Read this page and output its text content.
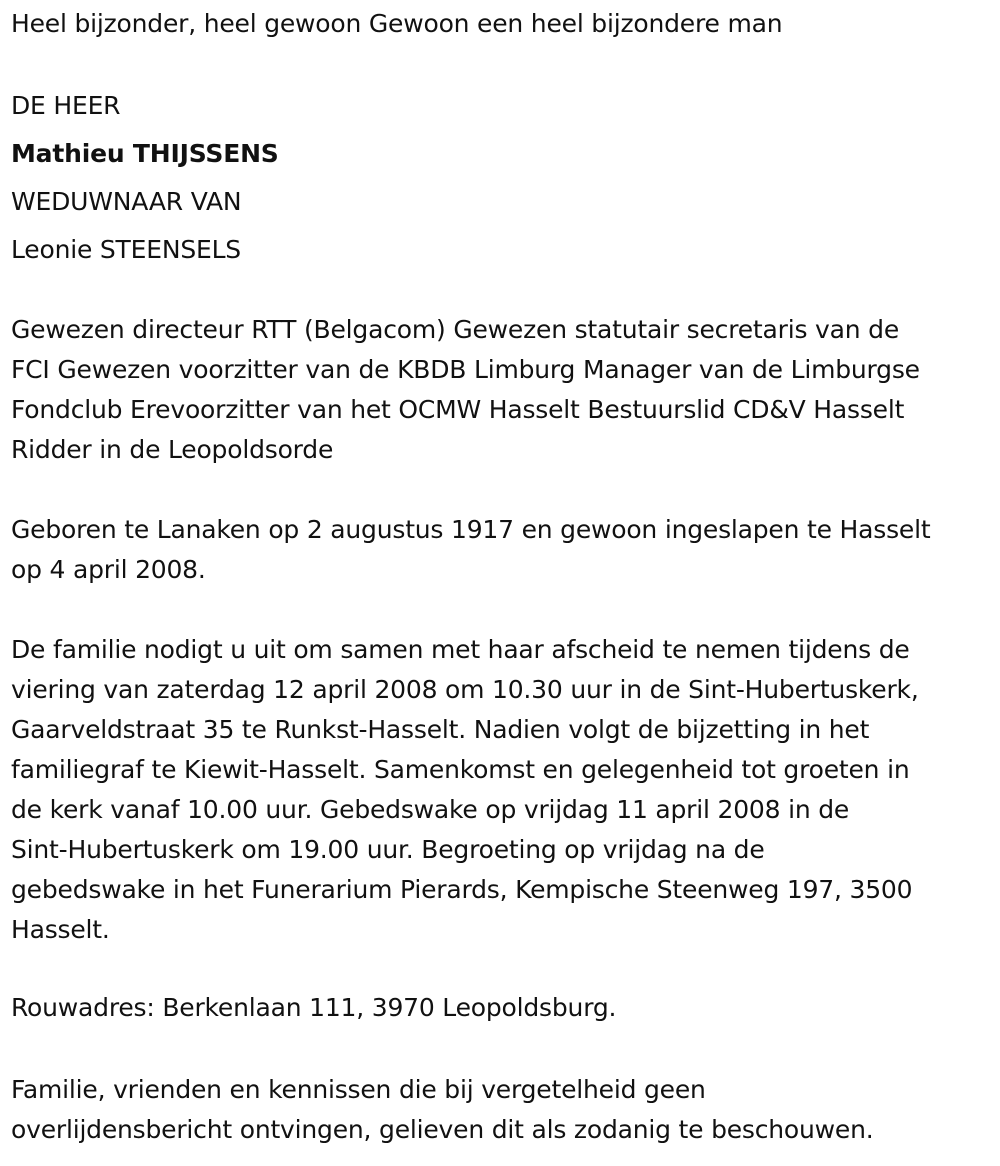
Heel bijzonder, heel gewoon Gewoon een heel bijzondere man

DE HEER

Mathieu THIJSSENS

WEDUWNAAR VAN

Leonie STEENSELS

Gewezen directeur RTT (Belgacom) Gewezen statutair secretaris van de
FCI Gewezen voorzitter van de KBDB Limburg Manager van de Limburgse
Fondclub Erevoorzitter van het OCMW Hasselt Bestuurslid CD&V Hasselt
Ridder in de Leopoldsorde
Geboren te Lanaken op 2 augustus 1917 en gewoon ingeslapen te Hasselt
op 4 april 2008.
De familie nodigt u uit om samen met haar afscheid te nemen tijdens de
viering van zaterdag 12 april 2008 om 10.30 uur in de Sint-Hubertuskerk,
Gaarveldstraat 35 te Runkst-Hasselt. Nadien volgt de bijzetting in het
familiegraf te Kiewit-Hasselt. Samenkomst en gelegenheid tot groeten in
de kerk vanaf 10.00 uur. Gebedswake op vrijdag 11 april 2008 in de
Sint-Hubertuskerk om 19.00 uur. Begroeting op vrijdag na de
gebedswake in het Funerarium Pierards, Kempische Steenweg 197, 3500
Hasselt.

Rouwadres: Berkenlaan 111, 3970 Leopoldsburg.

Familie, vrienden en kennissen die bij vergetelheid geen
overlijdensbericht ontvingen, gelieven dit als zodanig te beschouwen.
